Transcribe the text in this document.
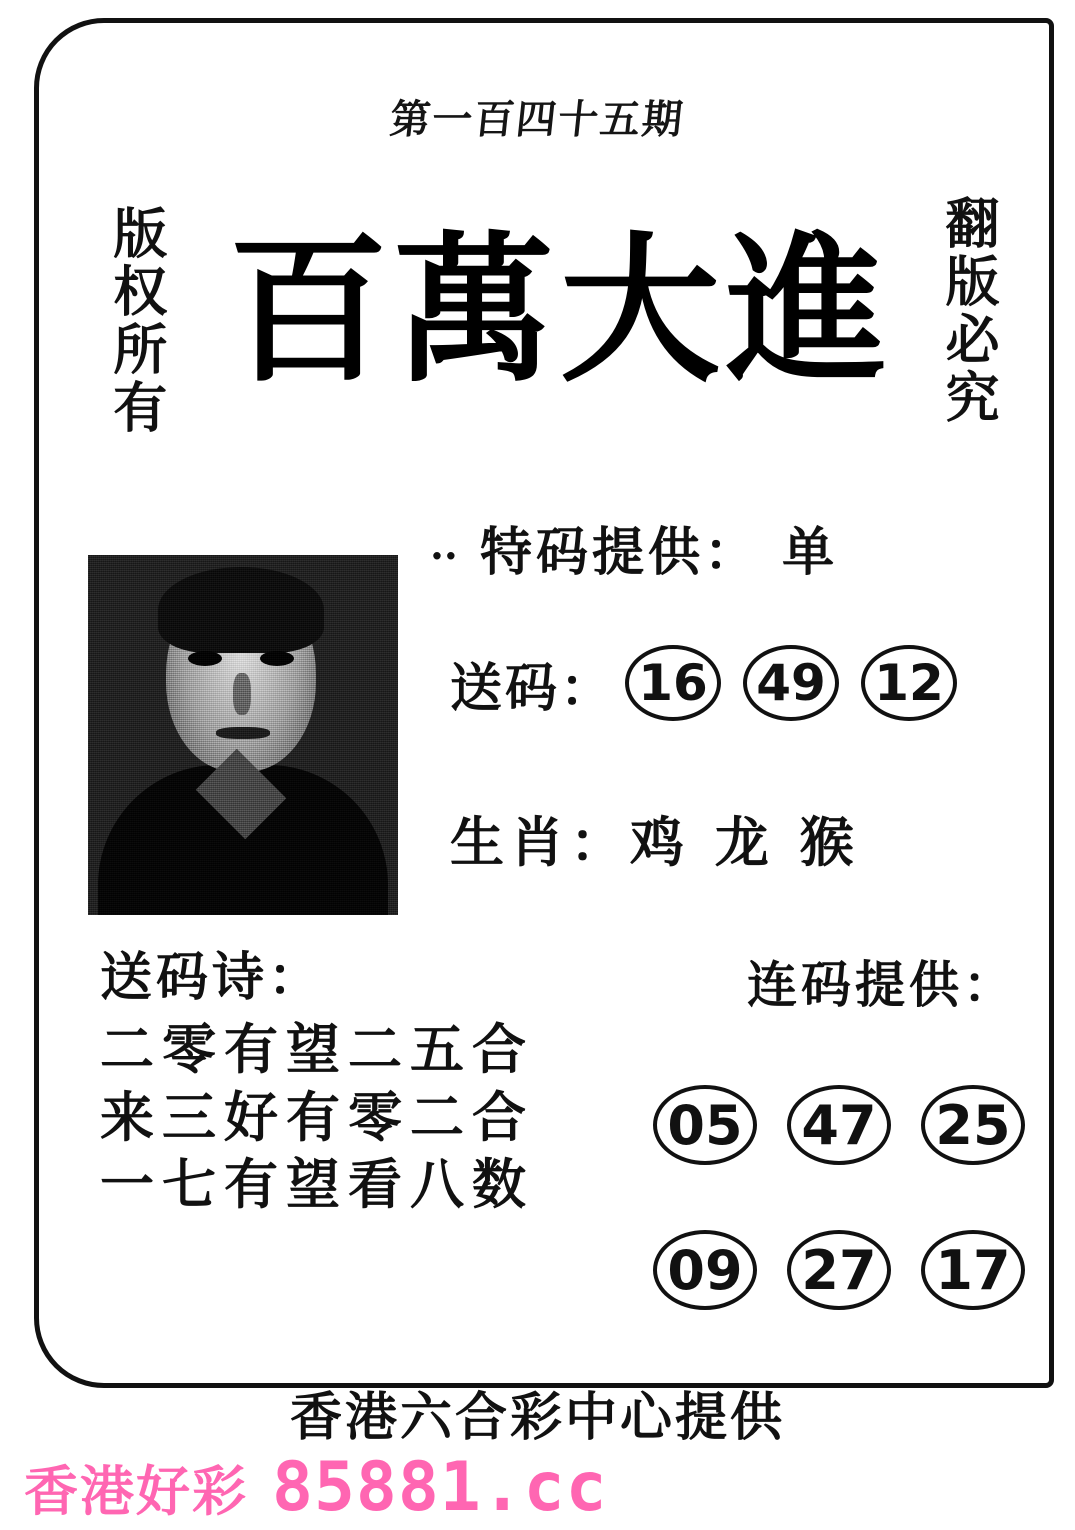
第一百四十五期
版权所有	翻版必究
百萬大進
·· 特码提供： 单
送码： 16 49 12
生肖：鸡 龙 猴
送码诗：
二零有望二五合
来三好有零二合
一七有望看八数
连码提供：
05 47 25
09 27 17
香港六合彩中心提供
香港好彩 85881.cc
